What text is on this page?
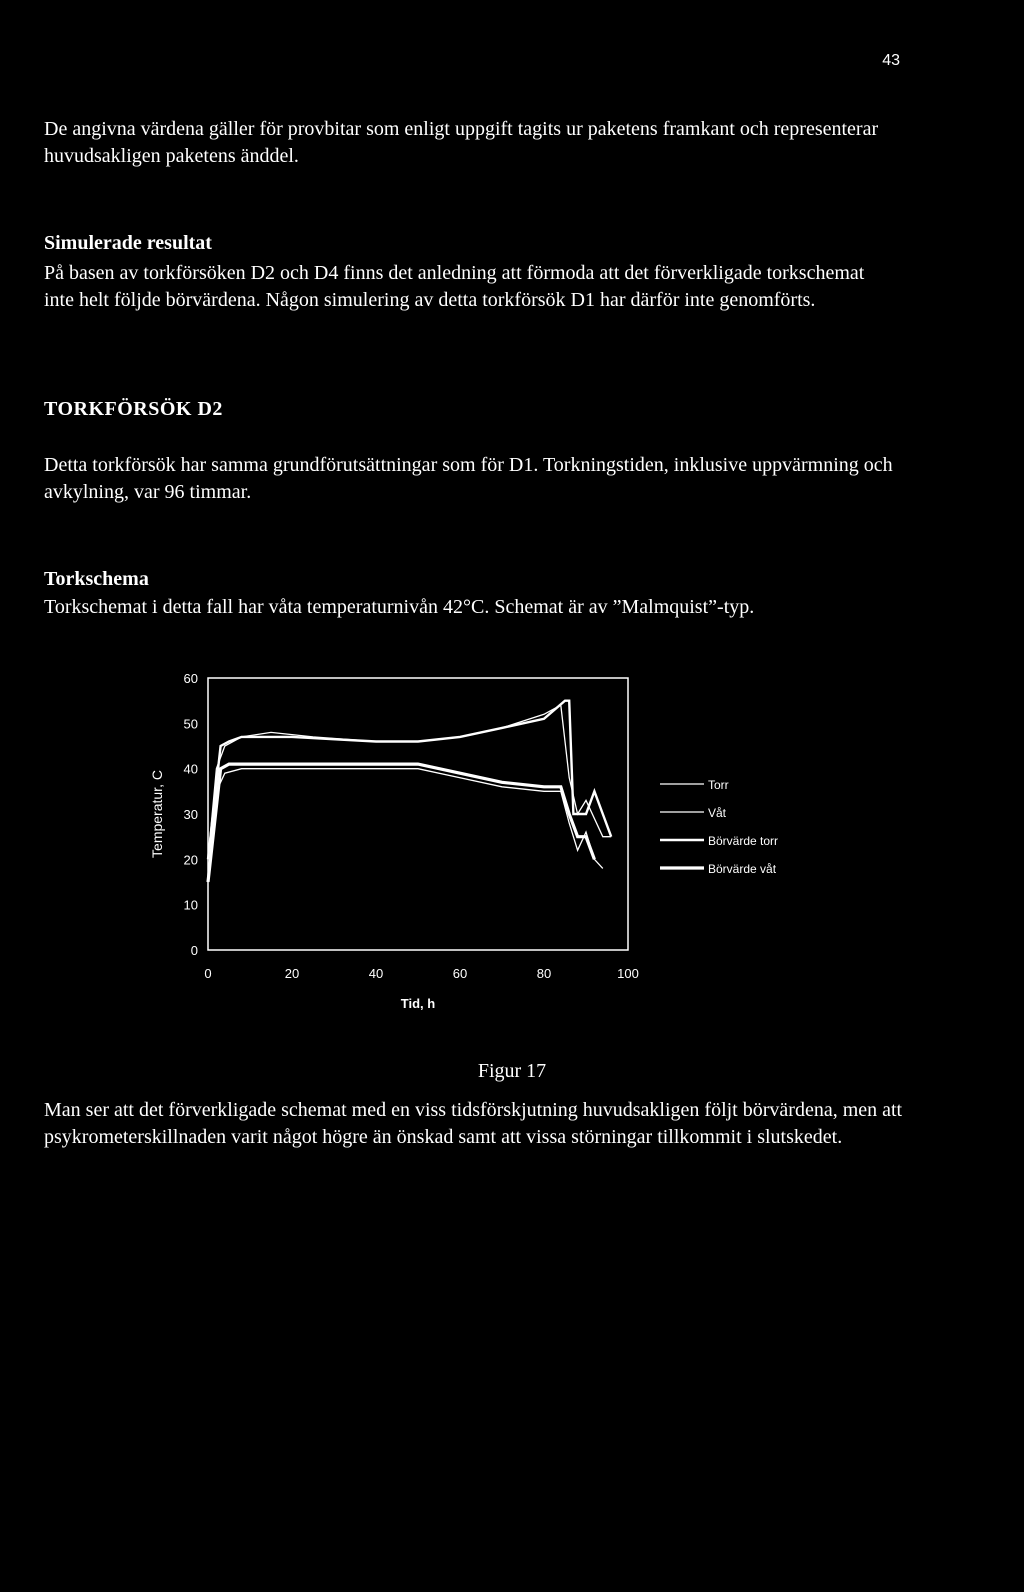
43

De angivna värdena gäller för provbitar som enligt uppgift tagits ur paketens framkant och representerar huvudsakligen paketens änddel.

Simulerade resultat

På basen av torkförsöken D2 och D4 finns det anledning att förmoda att det förverkligade torkschemat inte helt följde börvärdena. Någon simulering av detta torkförsök D1 har därför inte genomförts.

TORKFÖRSÖK D2

Detta torkförsök har samma grundförutsättningar som för D1. Torkningstiden, inklusive uppvärmning och avkylning, var 96 timmar.

Torkschema

Torkschemat i detta fall har våta temperaturnivån 42°C. Schemat är av ”Malmquist”-typ.

0
10
20
30
40
50
60
0	20	40	60	80	100
Tid, h
Temperatur, C	Torr
Våt
Börvärde torr
Börvärde våt
Figur 17

Man ser att det förverkligade schemat med en viss tidsförskjutning huvudsakligen följt börvärdena, men att psykrometerskillnaden varit något högre än önskad samt att vissa störningar tillkommit i slutskedet.
